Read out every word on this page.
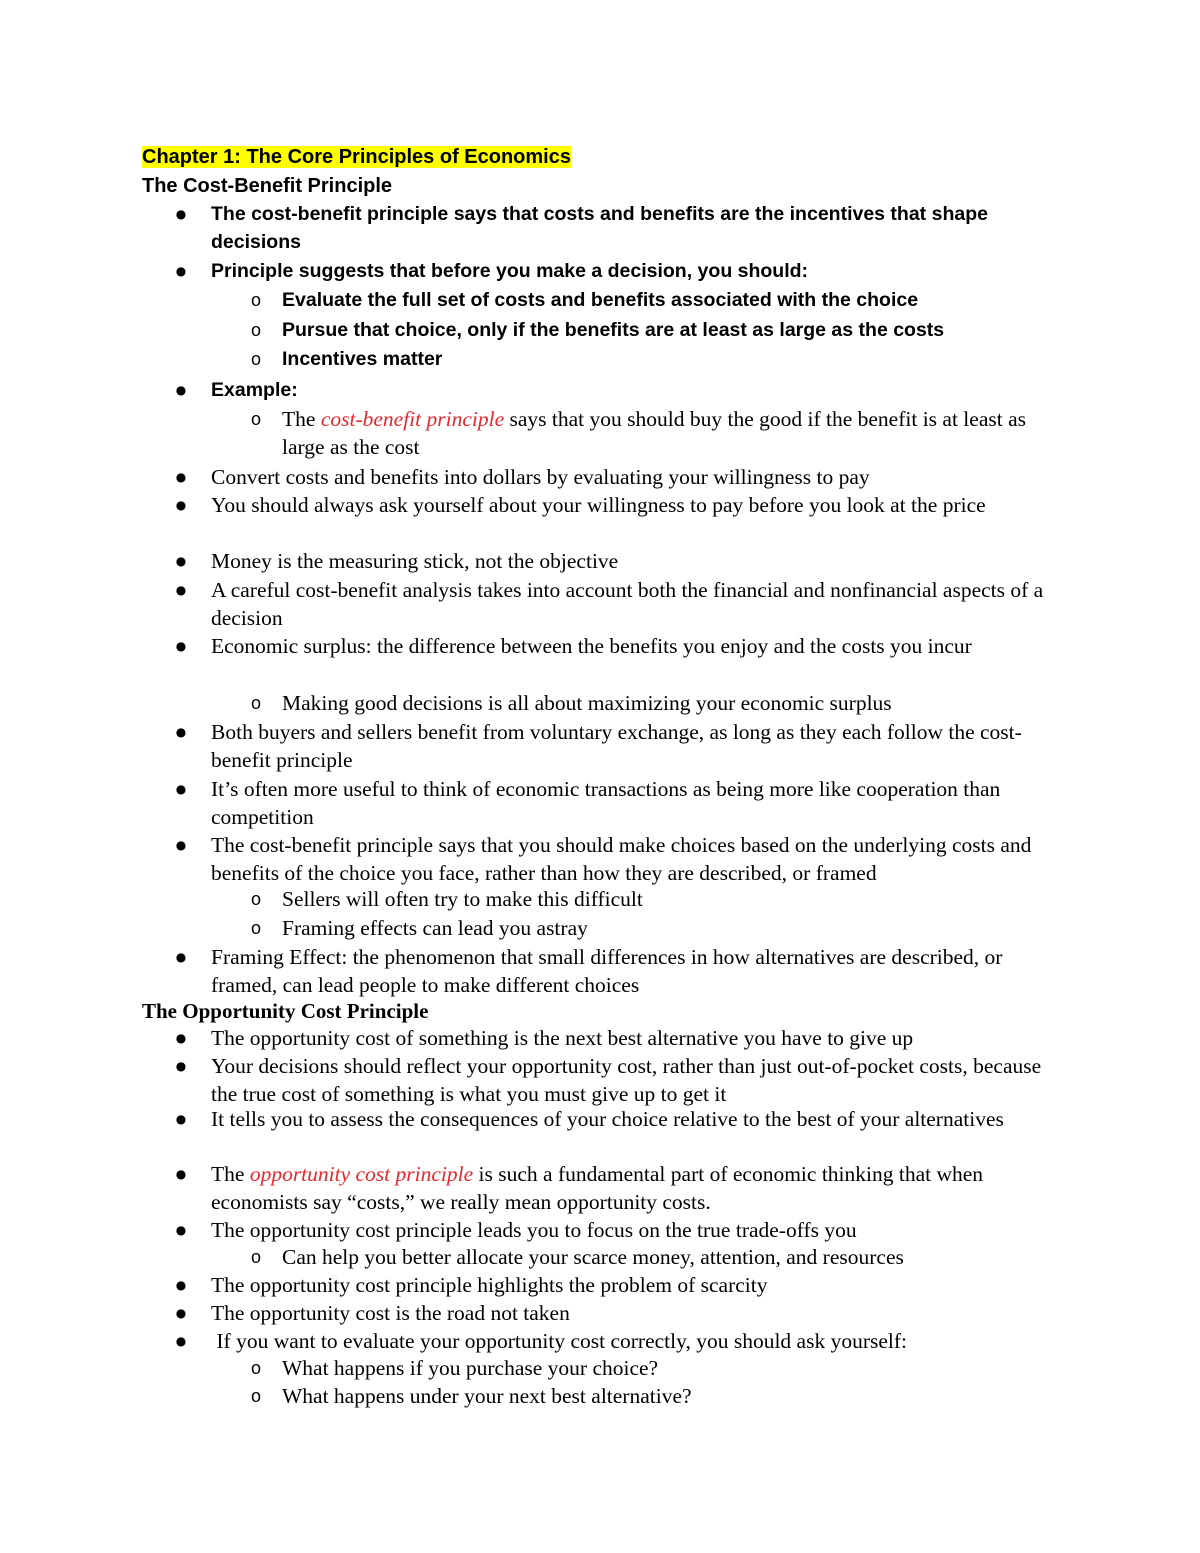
Chapter 1: The Core Principles of Economics
The Cost-Benefit Principle
● The cost-benefit principle says that costs and benefits are the incentives that shape decisions
● Principle suggests that before you make a decision, you should:
o Evaluate the full set of costs and benefits associated with the choice
o Pursue that choice, only if the benefits are at least as large as the costs
o Incentives matter
● Example:
o The cost-benefit principle says that you should buy the good if the benefit is at least as large as the cost
● Convert costs and benefits into dollars by evaluating your willingness to pay
● You should always ask yourself about your willingness to pay before you look at the price
● Money is the measuring stick, not the objective
● A careful cost-benefit analysis takes into account both the financial and nonfinancial aspects of a decision
● Economic surplus: the difference between the benefits you enjoy and the costs you incur
o Making good decisions is all about maximizing your economic surplus
● Both buyers and sellers benefit from voluntary exchange, as long as they each follow the cost-benefit principle
● It’s often more useful to think of economic transactions as being more like cooperation than competition
● The cost-benefit principle says that you should make choices based on the underlying costs and benefits of the choice you face, rather than how they are described, or framed
o Sellers will often try to make this difficult
o Framing effects can lead you astray
● Framing Effect: the phenomenon that small differences in how alternatives are described, or framed, can lead people to make different choices
The Opportunity Cost Principle
● The opportunity cost of something is the next best alternative you have to give up
● Your decisions should reflect your opportunity cost, rather than just out-of-pocket costs, because the true cost of something is what you must give up to get it
● It tells you to assess the consequences of your choice relative to the best of your alternatives
● The opportunity cost principle is such a fundamental part of economic thinking that when economists say “costs,” we really mean opportunity costs.
● The opportunity cost principle leads you to focus on the true trade-offs you
o Can help you better allocate your scarce money, attention, and resources
● The opportunity cost principle highlights the problem of scarcity
● The opportunity cost is the road not taken
● If you want to evaluate your opportunity cost correctly, you should ask yourself:
o What happens if you purchase your choice?
o What happens under your next best alternative?
